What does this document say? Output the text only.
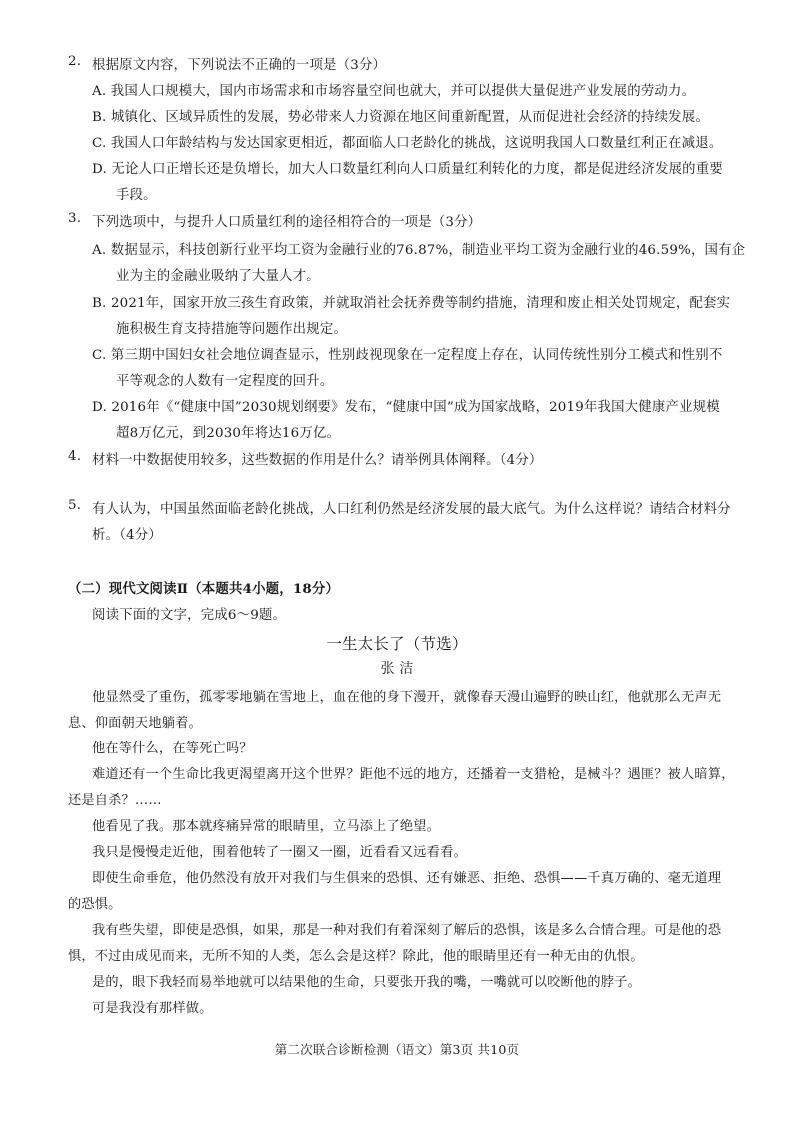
2. 根据原文内容，下列说法不正确的一项是（3分）
A. 我国人口规模大，国内市场需求和市场容量空间也就大，并可以提供大量促进产业发展的劳动力。
B. 城镇化、区域异质性的发展，势必带来人力资源在地区间重新配置，从而促进社会经济的持续发展。
C. 我国人口年龄结构与发达国家更相近，都面临人口老龄化的挑战，这说明我国人口数量红利正在减退。
D. 无论人口正增长还是负增长，加大人口数量红利向人口质量红利转化的力度，都是促进经济发展的重要
手段。
3. 下列选项中，与提升人口质量红利的途径相符合的一项是（3分）
A. 数据显示，科技创新行业平均工资为金融行业的76.87%，制造业平均工资为金融行业的46.59%，国有企
业为主的金融业吸纳了大量人才。
B. 2021年，国家开放三孩生育政策，并就取消社会抚养费等制约措施，清理和废止相关处罚规定，配套实
施积极生育支持措施等问题作出规定。
C. 第三期中国妇女社会地位调查显示，性别歧视现象在一定程度上存在，认同传统性别分工模式和性别不
平等观念的人数有一定程度的回升。
D. 2016年《“健康中国”2030规划纲要》发布，“健康中国”成为国家战略，2019年我国大健康产业规模
超8万亿元，到2030年将达16万亿。
4. 材料一中数据使用较多，这些数据的作用是什么？请举例具体阐释。（4分）
5. 有人认为，中国虽然面临老龄化挑战，人口红利仍然是经济发展的最大底气。为什么这样说？请结合材料分
析。（4分）
（二）现代文阅读Ⅱ（本题共4小题，18分）
阅读下面的文字，完成6～9题。
一生太长了（节选）
张 洁
他显然受了重伤，孤零零地躺在雪地上，血在他的身下漫开，就像春天漫山遍野的映山红，他就那么无声无
息、仰面朝天地躺着。
他在等什么，在等死亡吗？
难道还有一个生命比我更渴望离开这个世界？距他不远的地方，还播着一支猎枪，是械斗？遇匪？被人暗算，
还是自杀？……
他看见了我。那本就疼痛异常的眼睛里，立马添上了绝望。
我只是慢慢走近他，围着他转了一圈又一圈，近看看又远看看。
即使生命垂危，他仍然没有放开对我们与生俱来的恐惧、还有嫌恶、拒绝、恐惧——千真万确的、毫无道理
的恐惧。
我有些失望，即使是恐惧，如果，那是一种对我们有着深刻了解后的恐惧，该是多么合情合理。可是他的恐
惧，不过由成见而来，无所不知的人类，怎么会是这样？除此，他的眼睛里还有一种无由的仇恨。
是的，眼下我轻而易举地就可以结果他的生命，只要张开我的嘴，一嘴就可以咬断他的脖子。
可是我没有那样做。
第二次联合诊断检测（语文）第3页 共10页
